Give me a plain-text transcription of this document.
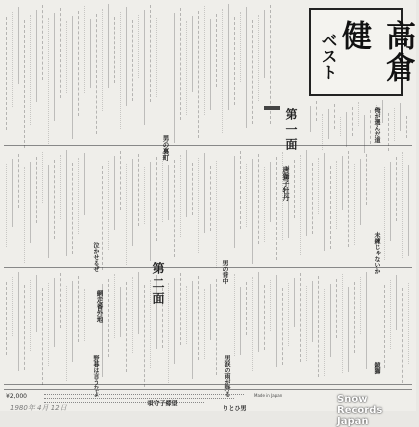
高倉健
ベスト
第一面
第二面
唐獅子牡丹
男の裏町
網走番外地
望郷子守唄
泣かせるぜ
野暮は言うなよ
男の背中
男涙の雨が降る
未練じゃないか
俺が選んだ道
男ひとり
鏡獅
¥2,000	Made in Japan	Snow Records Japan
1980年 4月 12日
